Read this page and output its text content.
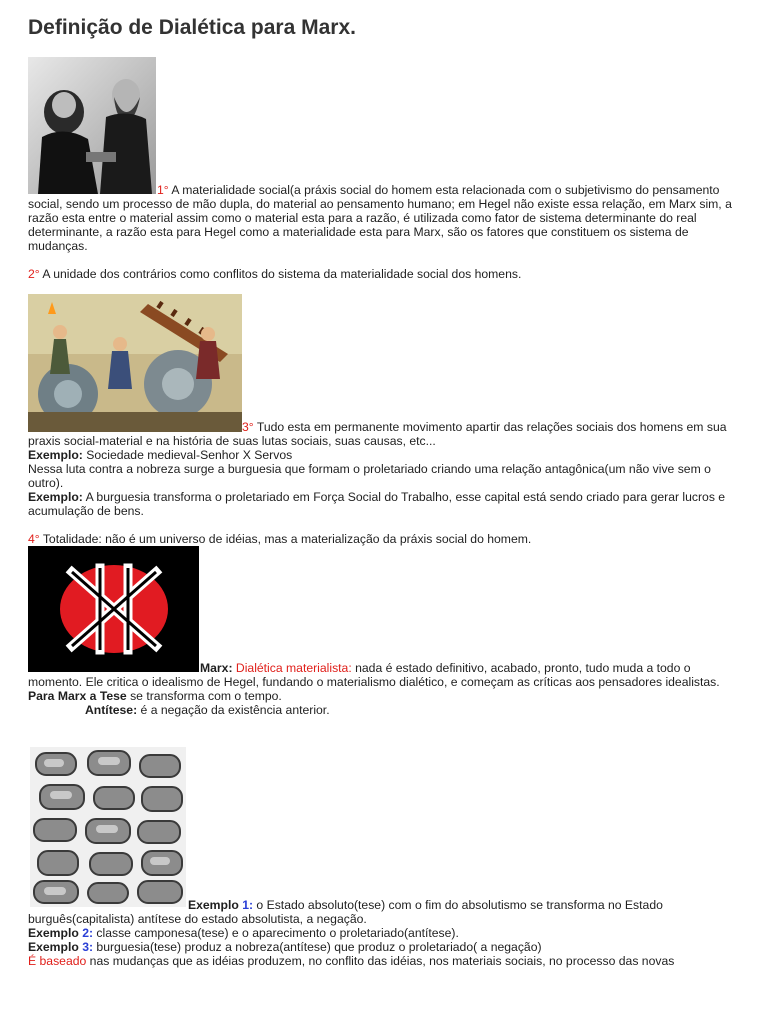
Definição de Dialética para Marx.

1° A materialidade social(a práxis social do homem esta relacionada com o subjetivismo do pensamento social, sendo um processo de mão dupla, do material ao pensamento humano; em Hegel não existe essa relação, em Marx sim, a razão esta entre o material assim como o material esta para a razão, é utilizada como fator de sistema determinante do real determinante, a razão esta para Hegel como a materialidade esta para Marx, são os fatores que constituem os sistema de mudanças.

2° A unidade dos contrários como conflitos do sistema da materialidade social dos homens.

3° Tudo esta em permanente movimento apartir das relações sociais dos homens em sua praxis social-material e na história de suas lutas sociais, suas causas, etc...

Exemplo: Sociedade medieval-Senhor X Servos

Nessa luta contra a nobreza surge a burguesia que formam o proletariado criando uma relação antagônica(um não vive sem o outro).

Exemplo: A burguesia transforma o proletariado em Força Social do Trabalho, esse capital está sendo criado para gerar lucros e acumulação de bens.

4° Totalidade: não é um universo de idéias, mas a materialização da práxis social do homem.

Marx: Dialética materialista: nada é estado definitivo, acabado, pronto, tudo muda a todo o momento. Ele critica o idealismo de Hegel, fundando o materialismo dialético, e começam as críticas aos pensadores idealistas.

Para Marx a Tese se transforma com o tempo.

Antítese: é a negação da existência anterior.

Exemplo 1: o Estado absoluto(tese) com o fim do absolutismo se transforma no Estado burguês(capitalista) antítese do estado absolutista, a negação.

Exemplo 2: classe camponesa(tese) e o aparecimento o proletariado(antítese).

Exemplo 3: burguesia(tese) produz a nobreza(antítese) que produz o proletariado( a negação)

É baseado nas mudanças que as idéias produzem, no conflito das idéias, nos materiais sociais, no processo das novas
